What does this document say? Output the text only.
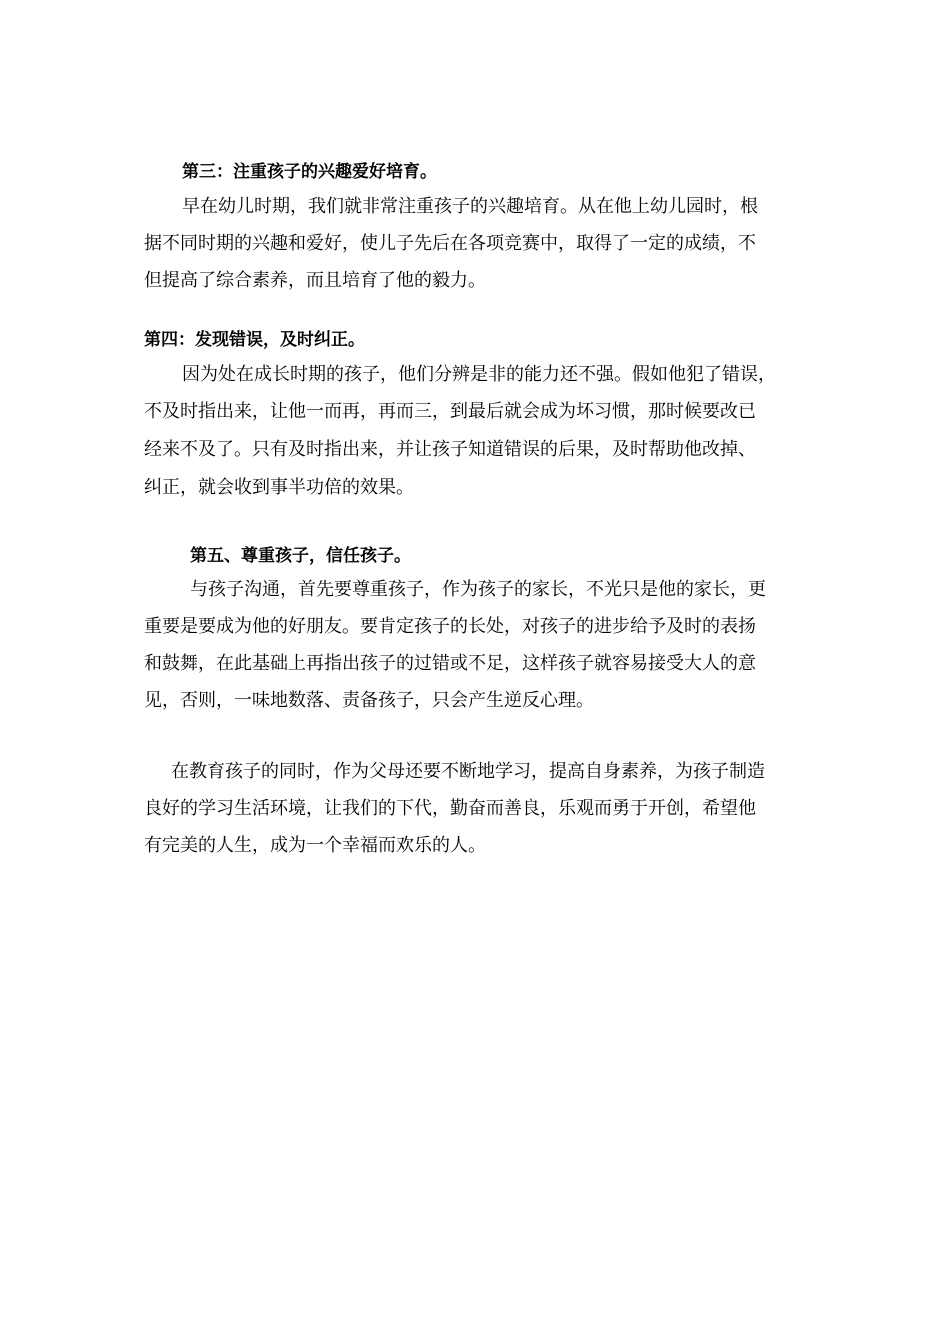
第三：注重孩子的兴趣爱好培育。

早在幼儿时期，我们就非常注重孩子的兴趣培育。从在他上幼儿园时，根

据不同时期的兴趣和爱好，使儿子先后在各项竞赛中，取得了一定的成绩，不

但提高了综合素养，而且培育了他的毅力。

第四：发现错误，及时纠正。

因为处在成长时期的孩子，他们分辨是非的能力还不强。假如他犯了错误，

不及时指出来，让他一而再，再而三，到最后就会成为坏习惯，那时候要改已

经来不及了。只有及时指出来，并让孩子知道错误的后果，及时帮助他改掉、

纠正，就会收到事半功倍的效果。

第五、尊重孩子，信任孩子。

与孩子沟通，首先要尊重孩子，作为孩子的家长，不光只是他的家长，更

重要是要成为他的好朋友。要肯定孩子的长处，对孩子的进步给予及时的表扬

和鼓舞，在此基础上再指出孩子的过错或不足，这样孩子就容易接受大人的意

见，否则，一味地数落、责备孩子，只会产生逆反心理。

在教育孩子的同时，作为父母还要不断地学习，提高自身素养，为孩子制造

良好的学习生活环境，让我们的下代，勤奋而善良，乐观而勇于开创，希望他

有完美的人生，成为一个幸福而欢乐的人。
